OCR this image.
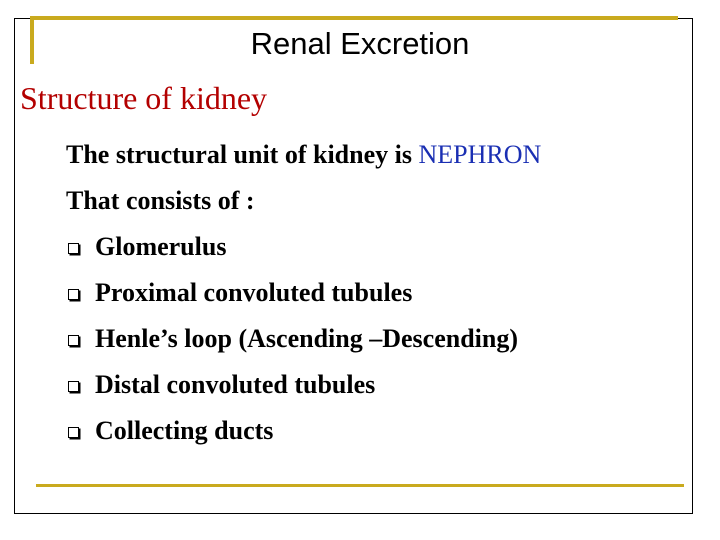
Renal Excretion
Structure of kidney
The structural unit of kidney is NEPHRON
That consists of :
Glomerulus
Proximal convoluted tubules
Henle’s loop (Ascending –Descending)
Distal convoluted tubules
Collecting ducts
